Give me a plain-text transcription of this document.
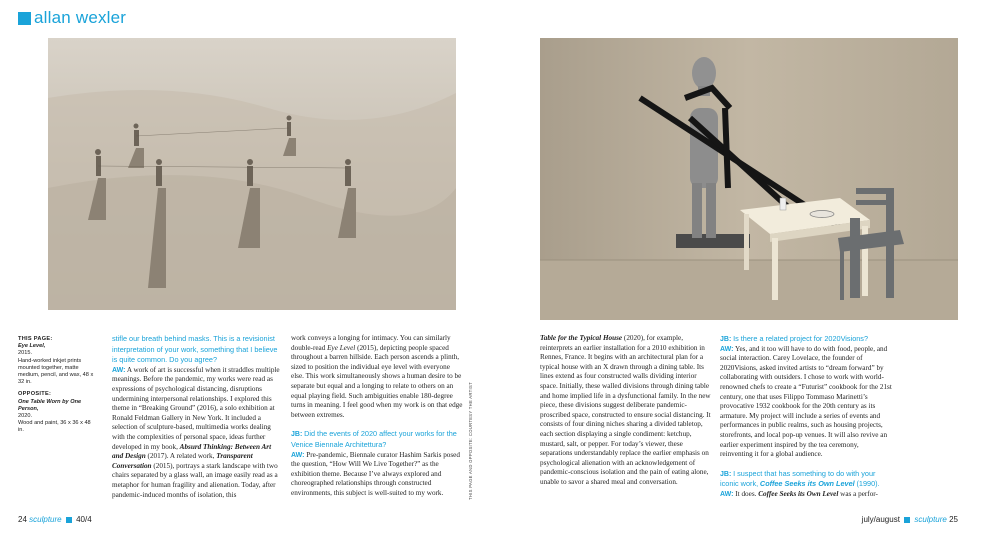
allan wexler

THIS PAGE:
Eye Level,
2015.
Hand-worked inkjet prints mounted together, matte medium, pencil, and wax, 48 x 32 in.

OPPOSITE:
One Table Worn by One Person,
2020.
Wood and paint, 36 x 36 x 48 in.

stifle our breath behind masks. This is a revisionist interpretation of your work, something that I believe is quite common. Do you agree?

AW: A work of art is successful when it straddles multiple meanings. Before the pandemic, my works were read as expressions of psychological distancing, disruptions undermining interpersonal relationships. I explored this theme in “Breaking Ground” (2016), a solo exhibition at Ronald Feldman Gallery in New York. It included a selection of sculpture-based, multimedia works dealing with the complexities of personal space, ideas further developed in my book, Absurd Thinking: Between Art and Design (2017). A related work, Transparent Conversation (2015), portrays a stark landscape with two chairs separated by a glass wall, an image easily read as a metaphor for human fragility and alienation. Today, after pandemic-induced months of isolation, this

work conveys a longing for intimacy. You can similarly double-read Eye Level (2015), depicting people spaced throughout a barren hillside. Each person ascends a plinth, sized to position the individual eye level with everyone else. This work simultaneously shows a human desire to be separate but equal and a longing to relate to others on an equal playing field. Such ambiguities enable 180-degree turns in meaning. I feel good when my work is on that edge between extremes.

JB: Did the events of 2020 affect your works for the Venice Biennale Architettura?

AW: Pre-pandemic, Biennale curator Hashim Sarkis posed the question, “How Will We Live Together?” as the exhibition theme. Because I’ve always explored and choreographed relationships through constructed environments, this subject is well-suited to my work.	THIS PAGE AND OPPOSITE: COURTESY THE ARTIST

Table for the Typical House (2020), for example, reinterprets an earlier installation for a 2010 exhibition in Rennes, France. It begins with an architectural plan for a typical house with an X drawn through a dining table. Its lines extend as four constructed walls dividing interior space. Initially, these walled divisions through dining table and home implied life in a dysfunctional family. In the new piece, these divisions suggest deliberate pandemic-proscribed space, constructed to ensure social distancing. It consists of four dining niches sharing a divided tabletop, each section displaying a single condiment: ketchup, mustard, salt, or pepper. For today’s viewer, these separations understandably replace the earlier emphasis on psychological alienation with an acknowledgement of pandemic-conscious isolation and the pain of eating alone, unable to savor a shared meal and conversation.

JB: Is there a related project for 2020Visions?

AW: Yes, and it too will have to do with food, people, and social interaction. Carey Lovelace, the founder of 2020Visions, asked invited artists to “dream forward” by collaborating with outsiders. I chose to work with world-renowned chefs to create a “Futurist” cookbook for the 21st century, one that uses Filippo Tommaso Marinetti’s provocative 1932 cookbook for the 20th century as its armature. My project will include a series of events and performances in public realms, such as housing projects, storefronts, and local pop-up venues. It will also revive an earlier experiment inspired by the tea ceremony, reinventing it for a global audience.

JB: I suspect that has something to do with your iconic work, Coffee Seeks its Own Level (1990).

AW: It does. Coffee Seeks its Own Level was a perfor-

24 sculpture 40/4	july/august sculpture 25
